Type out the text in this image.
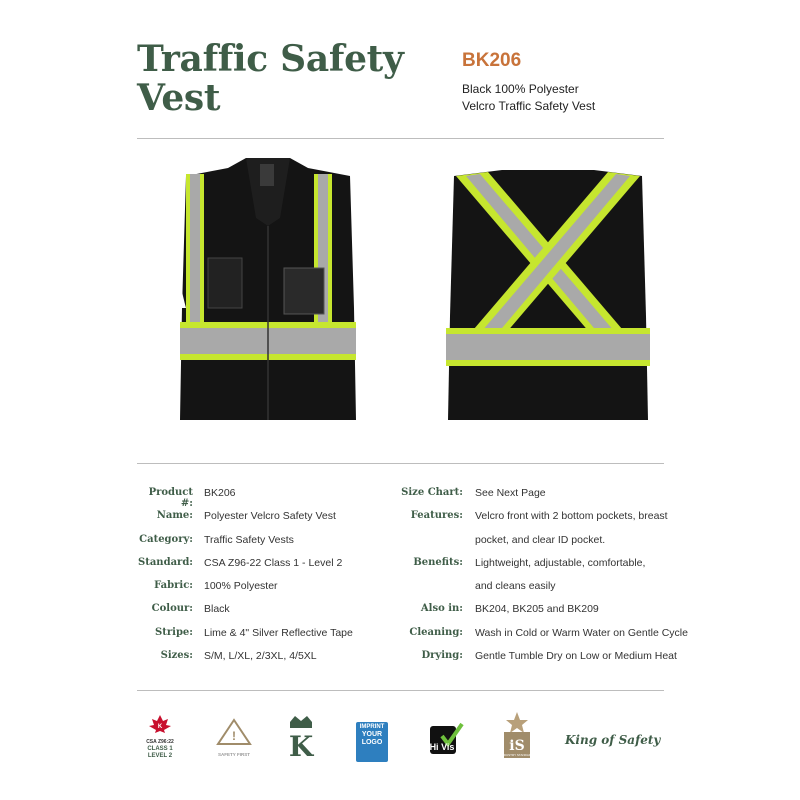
Traffic Safety
Vest
BK206
Black 100% Polyester
Velcro Traffic Safety Vest
Product #:
BK206
Name: Polyester Velcro Safety Vest
Category: Traffic Safety Vests
Standard: CSA Z96-22 Class 1 - Level 2
Fabric: 100% Polyester
Colour: Black
Stripe: Lime & 4" Silver Reflective Tape
Sizes: S/M, L/XL, 2/3XL, 4/5XL
Size Chart: See Next Page
Features: Velcro front with 2 bottom pockets, breast
pocket, and clear ID pocket.
Benefits: Lightweight, adjustable, comfortable,
and cleans easily
Also in: BK204, BK205 and BK209
Cleaning: Wash in Cold or Warm Water on Gentle Cycle
Drying: Gentle Tumble Dry on Low or Medium Heat
K
CSA Z96:22
CLASS 1
LEVEL 2
!
SAFETY FIRST K
IMPRINT
YOUR
LOGO	Hi Vis	iS
INDUSTRY STANDARD
King of Safety
